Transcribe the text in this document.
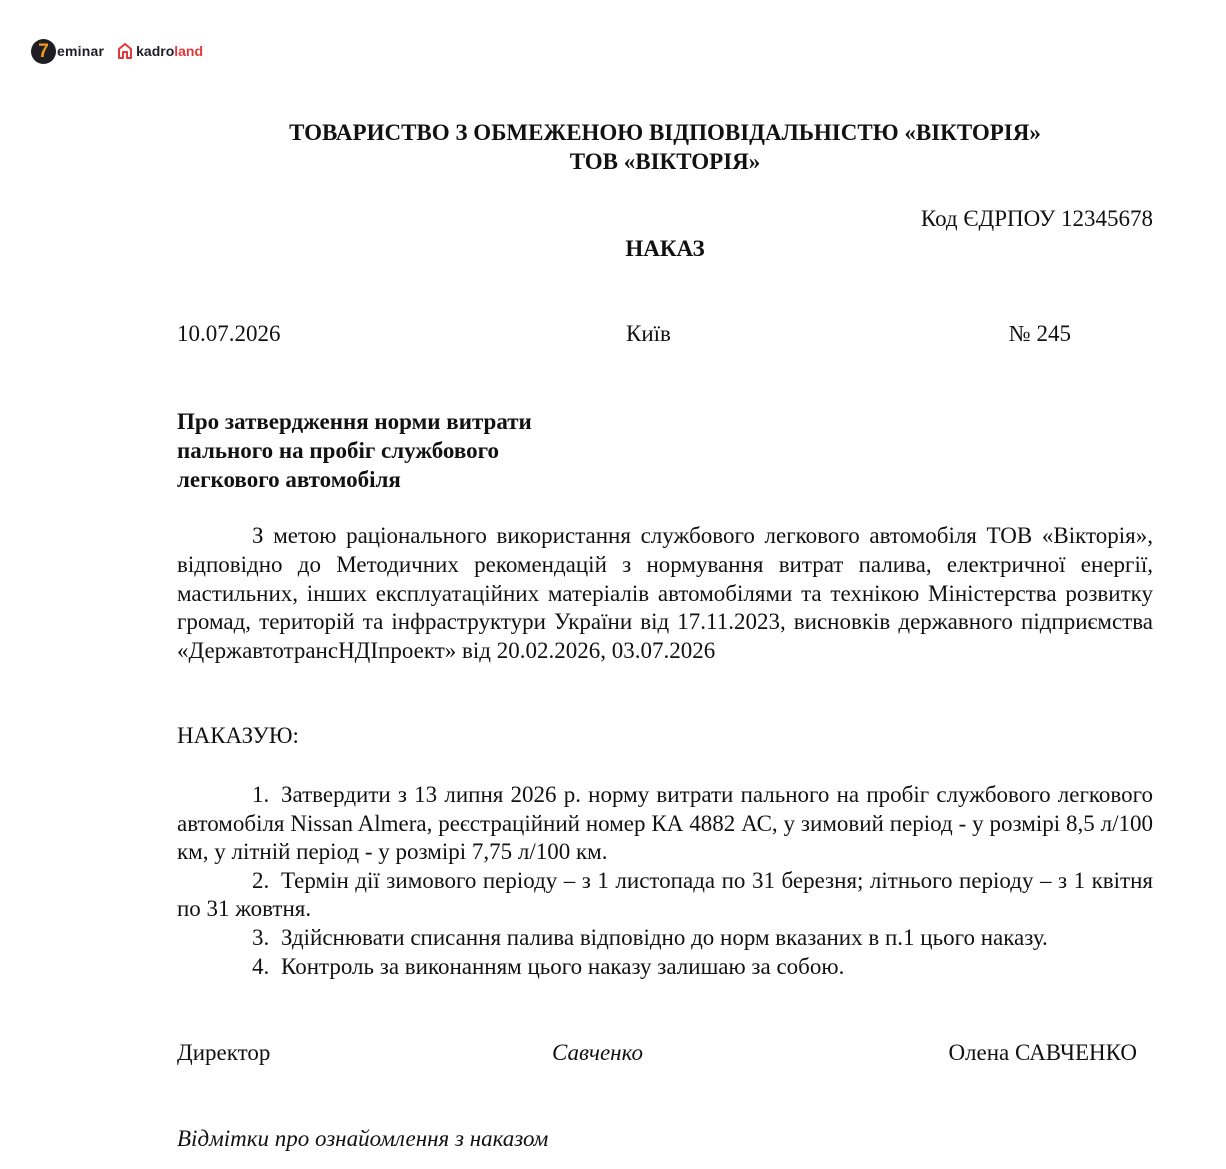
7 eminar kadroland
ТОВАРИСТВО З ОБМЕЖЕНОЮ ВІДПОВІДАЛЬНІСТЮ «ВІКТОРІЯ»
ТОВ «ВІКТОРІЯ»
Код ЄДРПОУ 12345678
НАКАЗ
10.07.2026	Київ	№ 245
Про затвердження норми витрати
пального на пробіг службового
легкового автомобіля

З метою раціонального використання службового легкового автомобіля ТОВ «Вікторія», відповідно до Методичних рекомендацій з нормування витрат палива, електричної енергії, мастильних, інших експлуатаційних матеріалів автомобілями та технікою Міністерства розвитку громад, територій та інфраструктури України від 17.11.2023, висновків державного підприємства «ДержавтотрансНДІпроект» від 20.02.2026, 03.07.2026

НАКАЗУЮ:
1. Затвердити з 13 липня 2026 р. норму витрати пального на пробіг службового легкового автомобіля Nissan Almera, реєстраційний номер КА 4882 АС, у зимовий період - у розмірі 8,5 л/100 км, у літній період - у розмірі 7,75 л/100 км.
2. Термін дії зимового періоду – з 1 листопада по 31 березня; літнього періоду – з 1 квітня по 31 жовтня.
3. Здійснювати списання палива відповідно до норм вказаних в п.1 цього наказу.
4. Контроль за виконанням цього наказу залишаю за собою.
Директор	Савченко	Олена САВЧЕНКО
Відмітки про ознайомлення з наказом
